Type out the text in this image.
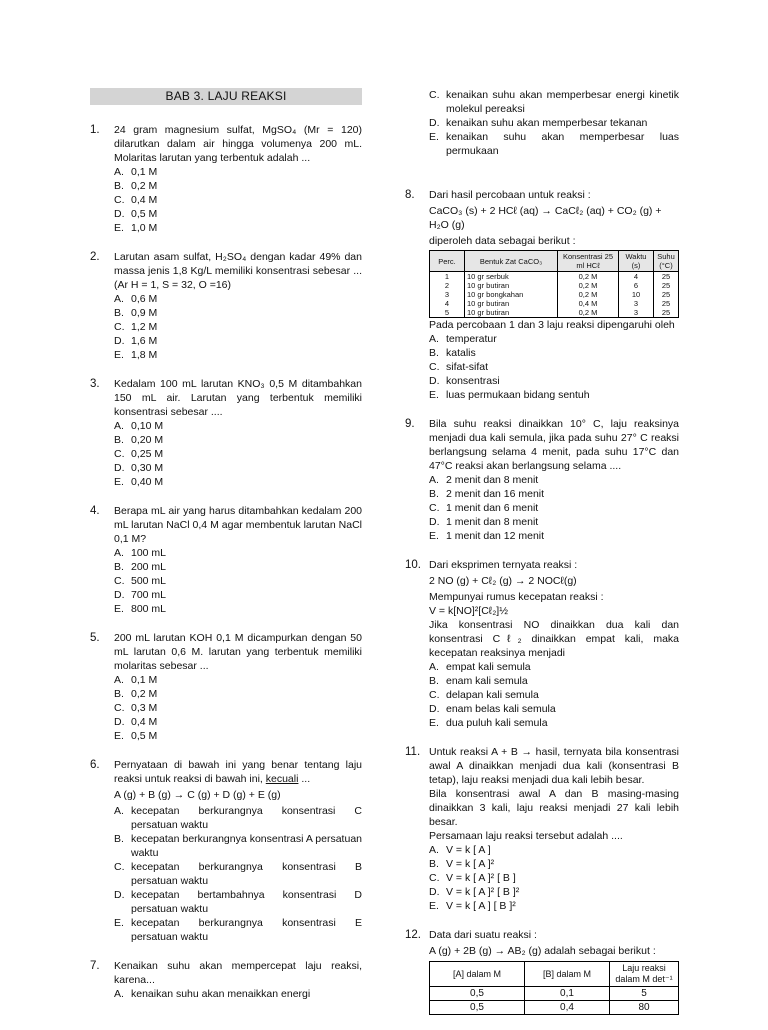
BAB 3. LAJU REAKSI
1. 24 gram magnesium sulfat, MgSO₄ (Mr = 120) dilarutkan dalam air hingga volumenya 200 mL. Molaritas larutan yang terbentuk adalah ...
A. 0,1 M
B. 0,2 M
C. 0,4 M
D. 0,5 M
E. 1,0 M
2. Larutan asam sulfat, H₂SO₄ dengan kadar 49% dan massa jenis 1,8 Kg/L memiliki konsentrasi sebesar ... (Ar H = 1, S = 32, O =16)
A. 0,6 M
B. 0,9 M
C. 1,2 M
D. 1,6 M
E. 1,8 M
3. Kedalam 100 mL larutan KNO₃ 0,5 M ditambahkan 150 mL air. Larutan yang terbentuk memiliki konsentrasi sebesar ....
A. 0,10 M
B. 0,20 M
C. 0,25 M
D. 0,30 M
E. 0,40 M
4. Berapa mL air yang harus ditambahkan kedalam 200 mL larutan NaCl 0,4 M agar membentuk larutan NaCl 0,1 M?
A. 100 mL
B. 200 mL
C. 500 mL
D. 700 mL
E. 800 mL
5. 200 mL larutan KOH 0,1 M dicampurkan dengan 50 mL larutan 0,6 M. larutan yang terbentuk memiliki molaritas sebesar ...
A. 0,1 M
B. 0,2 M
C. 0,3 M
D. 0,4 M
E. 0,5 M
6. Pernyataan di bawah ini yang benar tentang laju reaksi untuk reaksi di bawah ini, kecuali ...
A (g) + B (g) → C (g) + D (g) + E (g)
A. kecepatan berkurangnya konsentrasi C persatuan waktu
B. kecepatan berkurangnya konsentrasi A persatuan waktu
C. kecepatan berkurangnya konsentrasi B persatuan waktu
D. kecepatan bertambahnya konsentrasi D persatuan waktu
E. kecepatan berkurangnya konsentrasi E persatuan waktu
7. Kenaikan suhu akan mempercepat laju reaksi, karena...
A. kenaikan suhu akan menaikkan energi
C. kenaikan suhu akan memperbesar energi kinetik molekul pereaksi
D. kenaikan suhu akan memperbesar tekanan
E. kenaikan suhu akan memperbesar luas permukaan
8. Dari hasil percobaan untuk reaksi :
CaCO₃ (s) + 2 HCℓ (aq) → CaCℓ₂ (aq) + CO₂ (g) + H₂O (g)
diperoleh data sebagai berikut :
Perc.	Bentuk Zat CaCO₃	Konsentrasi 25 ml HCℓ	Waktu (s)	Suhu (°C)
1	10 gr serbuk	0,2 M	4	25
2	10 gr butiran	0,2 M	6	25
3	10 gr bongkahan	0,2 M	10	25
4	10 gr butiran	0,4 M	3	25
5	10 gr butiran	0,2 M	3	25
Pada percobaan 1 dan 3 laju reaksi dipengaruhi oleh
A. temperatur
B. katalis
C. sifat-sifat
D. konsentrasi
E. luas permukaan bidang sentuh
9. Bila suhu reaksi dinaikkan 10° C, laju reaksinya menjadi dua kali semula, jika pada suhu 27° C reaksi berlangsung selama 4 menit, pada suhu 17°C dan 47°C reaksi akan berlangsung selama ....
A. 2 menit dan 8 menit
B. 2 menit dan 16 menit
C. 1 menit dan 6 menit
D. 1 menit dan 8 menit
E. 1 menit dan 12 menit
10. Dari eksprimen ternyata reaksi :
2 NO (g) + Cℓ₂ (g) → 2 NOCℓ(g)
Mempunyai rumus kecepatan reaksi :
V = k[NO]²[Cℓ₂]½
Jika konsentrasi NO dinaikkan dua kali dan konsentrasi Cℓ₂ dinaikkan empat kali, maka kecepatan reaksinya menjadi
A. empat kali semula
B. enam kali semula
C. delapan kali semula
D. enam belas kali semula
E. dua puluh kali semula
11. Untuk reaksi A + B → hasil, ternyata bila konsentrasi awal A dinaikkan menjadi dua kali (konsentrasi B tetap), laju reaksi menjadi dua kali lebih besar.
Bila konsentrasi awal A dan B masing-masing dinaikkan 3 kali, laju reaksi menjadi 27 kali lebih besar.
Persamaan laju reaksi tersebut adalah ....
A. V = k [ A ]
B. V = k [ A ]²
C. V = k [ A ]² [ B ]
D. V = k [ A ]² [ B ]²
E. V = k [ A ] [ B ]²
12. Data dari suatu reaksi :
A (g) + 2B (g) → AB₂ (g) adalah sebagai berikut :
[A] dalam M	[B] dalam M	Laju reaksi dalam M det⁻¹
0,5	0,1	5
0,5	0,4	80
